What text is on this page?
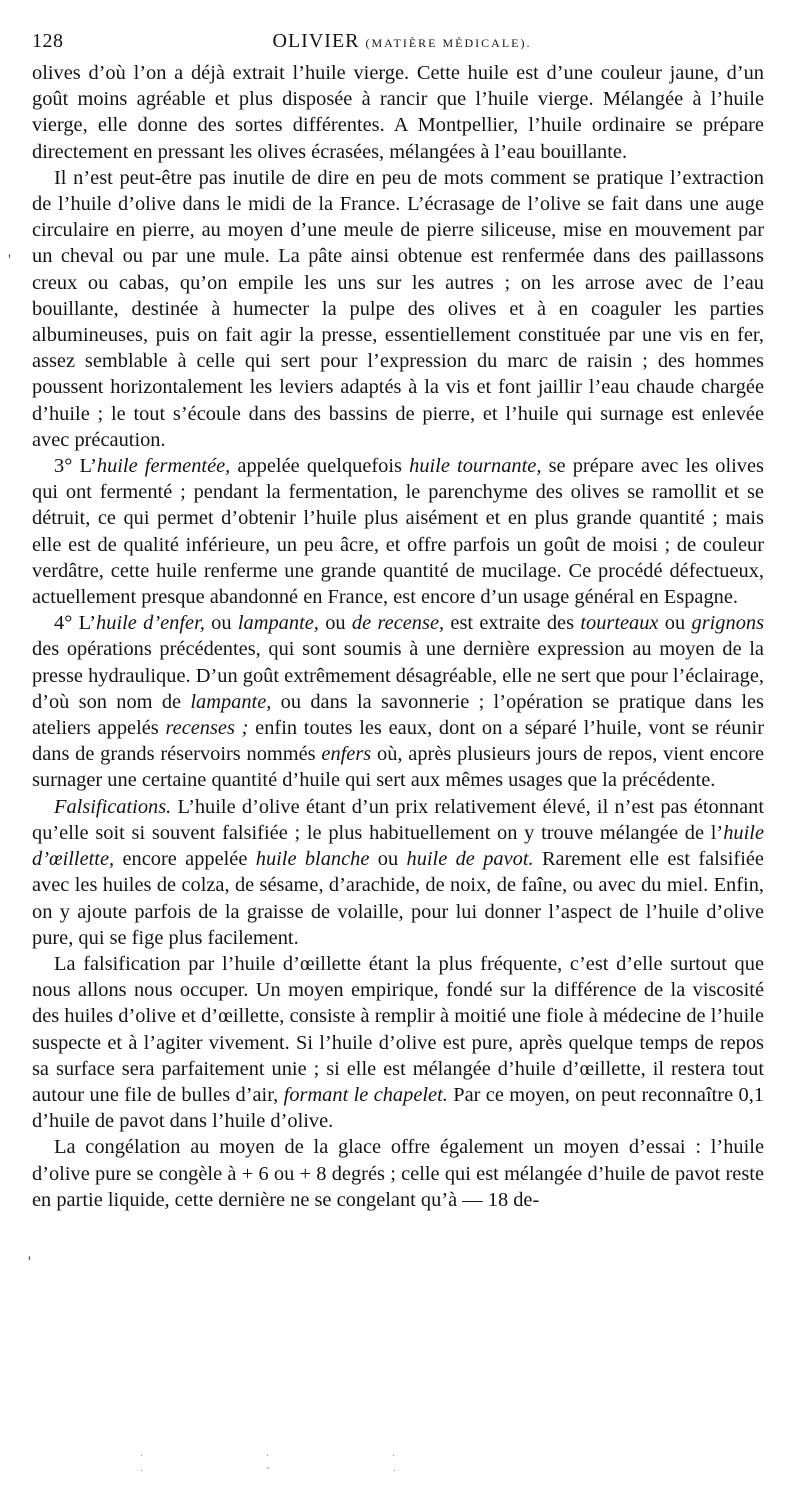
128	OLIVIER (MATIÈRE MÉDICALE).

olives d’où l’on a déjà extrait l’huile vierge. Cette huile est d’une couleur jaune, d’un goût moins agréable et plus disposée à rancir que l’huile vierge. Mélangée à l’huile vierge, elle donne des sortes différentes. A Montpellier, l’huile ordinaire se prépare directement en pressant les olives écrasées, mélangées à l’eau bouillante.

Il n’est peut-être pas inutile de dire en peu de mots comment se pratique l’extraction de l’huile d’olive dans le midi de la France. L’écrasage de l’olive se fait dans une auge circulaire en pierre, au moyen d’une meule de pierre siliceuse, mise en mouvement par un cheval ou par une mule. La pâte ainsi obtenue est renfermée dans des paillassons creux ou cabas, qu’on empile les uns sur les autres ; on les arrose avec de l’eau bouillante, destinée à humecter la pulpe des olives et à en coaguler les parties albumineuses, puis on fait agir la presse, essentiellement constituée par une vis en fer, assez semblable à celle qui sert pour l’expression du marc de raisin ; des hommes poussent horizontalement les leviers adaptés à la vis et font jaillir l’eau chaude chargée d’huile ; le tout s’écoule dans des bassins de pierre, et l’huile qui surnage est enlevée avec précaution.

3° L’huile fermentée, appelée quelquefois huile tournante, se prépare avec les olives qui ont fermenté ; pendant la fermentation, le parenchyme des olives se ramollit et se détruit, ce qui permet d’obtenir l’huile plus aisément et en plus grande quantité ; mais elle est de qualité inférieure, un peu âcre, et offre parfois un goût de moisi ; de couleur verdâtre, cette huile renferme une grande quantité de mucilage. Ce procédé défectueux, actuellement presque abandonné en France, est encore d’un usage général en Espagne.

4° L’huile d’enfer, ou lampante, ou de recense, est extraite des tourteaux ou grignons des opérations précédentes, qui sont soumis à une dernière expression au moyen de la presse hydraulique. D’un goût extrêmement désagréable, elle ne sert que pour l’éclairage, d’où son nom de lampante, ou dans la savonnerie ; l’opération se pratique dans les ateliers appelés recenses ; enfin toutes les eaux, dont on a séparé l’huile, vont se réunir dans de grands réservoirs nommés enfers où, après plusieurs jours de repos, vient encore surnager une certaine quantité d’huile qui sert aux mêmes usages que la précédente.

Falsifications. L’huile d’olive étant d’un prix relativement élevé, il n’est pas étonnant qu’elle soit si souvent falsifiée ; le plus habituellement on y trouve mélangée de l’huile d’œillette, encore appelée huile blanche ou huile de pavot. Rarement elle est falsifiée avec les huiles de colza, de sésame, d’arachide, de noix, de faîne, ou avec du miel. Enfin, on y ajoute parfois de la graisse de volaille, pour lui donner l’aspect de l’huile d’olive pure, qui se fige plus facilement.

La falsification par l’huile d’œillette étant la plus fréquente, c’est d’elle surtout que nous allons nous occuper. Un moyen empirique, fondé sur la différence de la viscosité des huiles d’olive et d’œillette, consiste à remplir à moitié une fiole à médecine de l’huile suspecte et à l’agiter vivement. Si l’huile d’olive est pure, après quelque temps de repos sa surface sera parfaitement unie ; si elle est mélangée d’huile d’œillette, il restera tout autour une file de bulles d’air, formant le chapelet. Par ce moyen, on peut reconnaître 0,1 d’huile de pavot dans l’huile d’olive.

La congélation au moyen de la glace offre également un moyen d’essai : l’huile d’olive pure se congèle à + 6 ou + 8 degrés ; celle qui est mélangée d’huile de pavot reste en partie liquide, cette dernière ne se congelant qu’à — 18 de-

'
'
. . . . - .
